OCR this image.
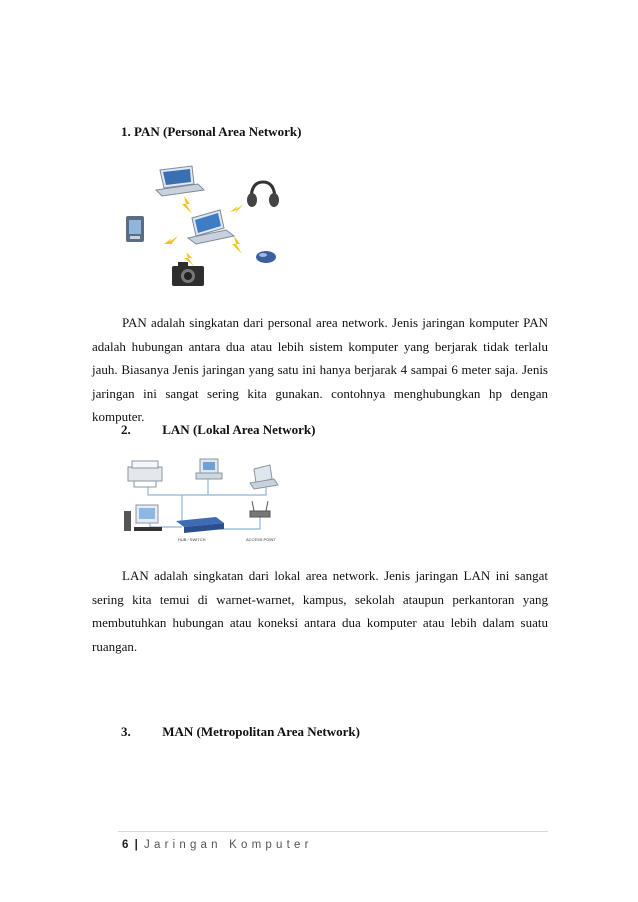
1. PAN (Personal Area Network)

PAN adalah singkatan dari personal area network. Jenis jaringan komputer PAN adalah hubungan antara dua atau lebih sistem komputer yang berjarak tidak terlalu jauh. Biasanya Jenis jaringan yang satu ini hanya berjarak 4 sampai 6 meter saja. Jenis jaringan ini sangat sering kita gunakan. contohnya menghubungkan hp dengan komputer.

2. LAN (Lokal Area Network)
HUB / SWITCH	ACCESS POINT

LAN adalah singkatan dari lokal area network. Jenis jaringan LAN ini sangat sering kita temui di warnet-warnet, kampus, sekolah ataupun perkantoran yang membutuhkan hubungan atau koneksi antara dua komputer atau lebih dalam suatu ruangan.

3. MAN (Metropolitan Area Network)
6 | Jaringan Komputer
